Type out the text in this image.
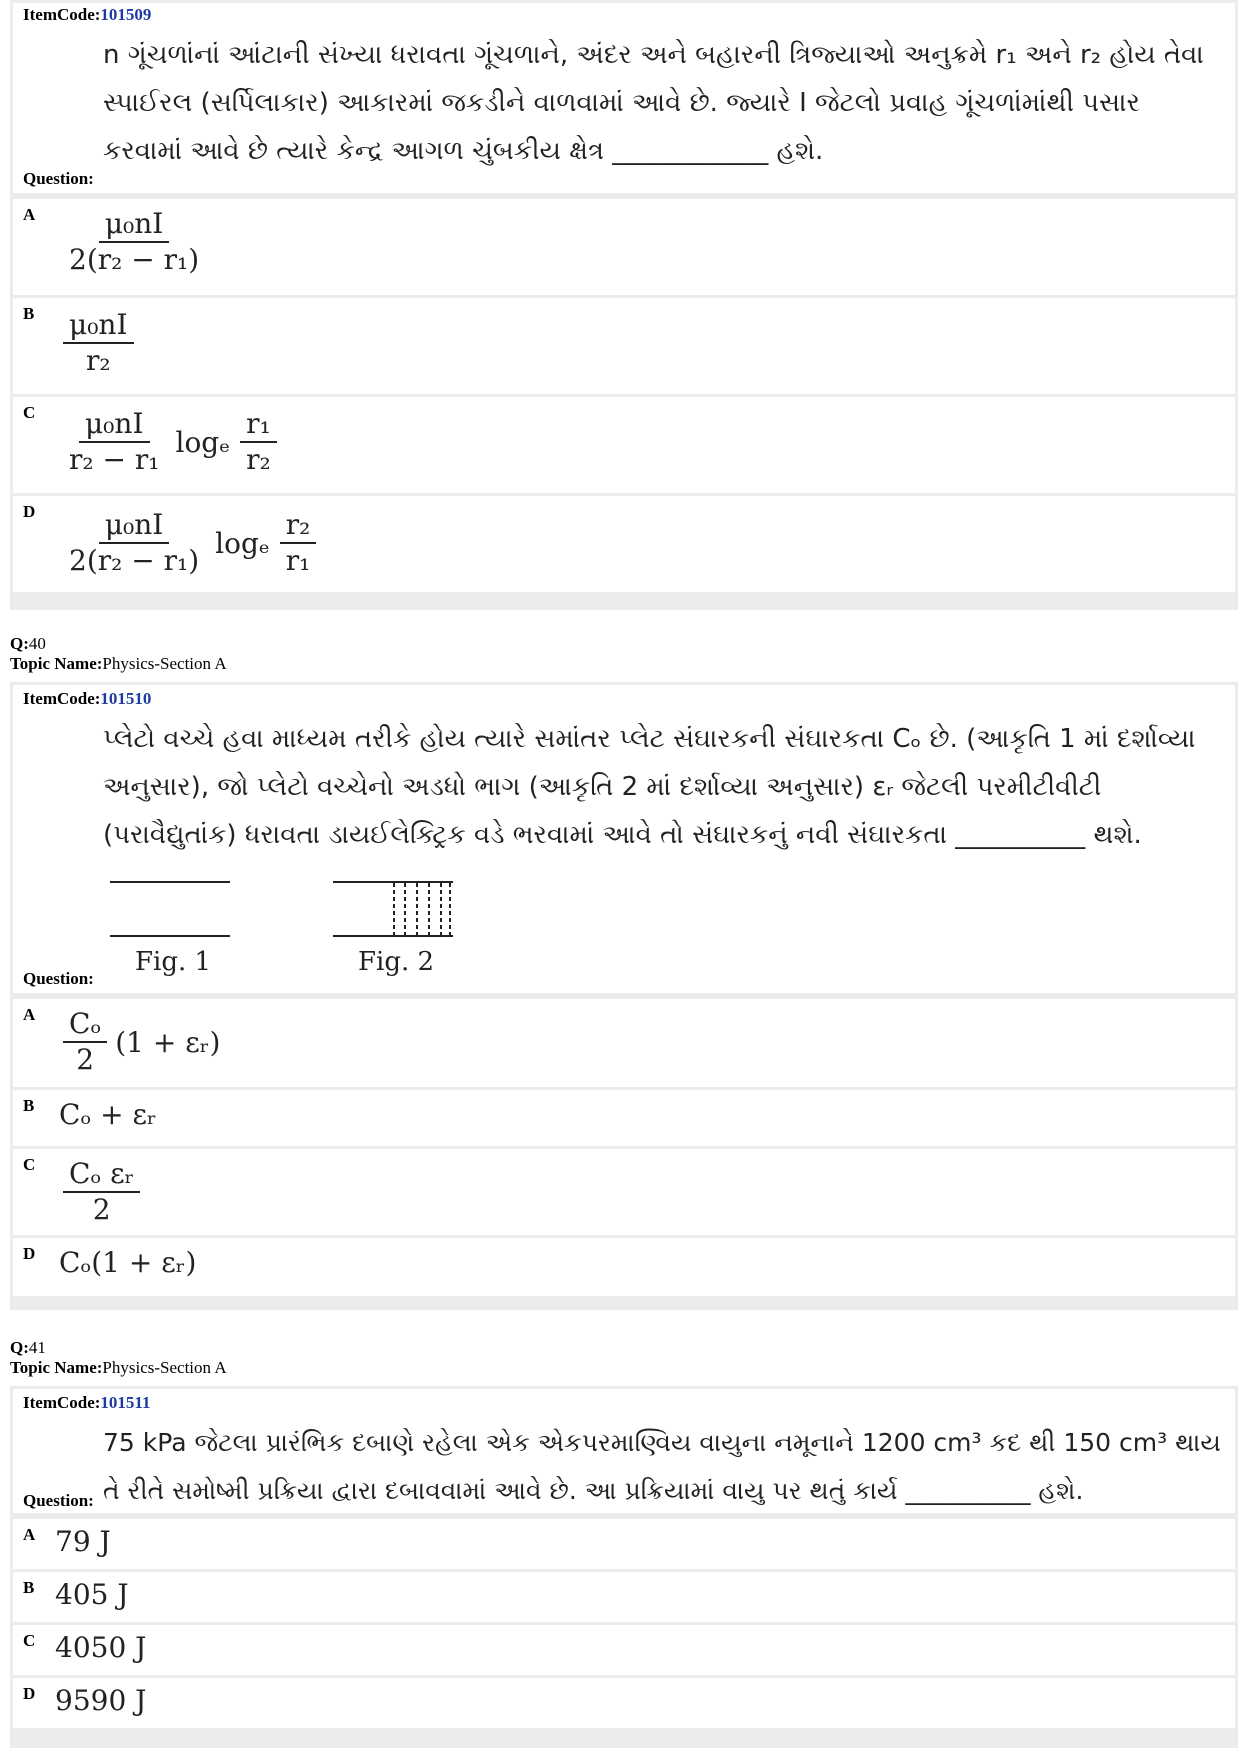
ItemCode:101509
n ગૂંચળાંનાં આંટાની સંખ્યા ધરાવતા ગૂંચળાને, અંદર અને બહારની ત્રિજ્યાઓ અનુક્રમે r₁ અને r₂ હોય તેવા સ્પાઈરલ (સર્પિલાકાર) આકારમાં જકડીને વાળવામાં આવે છે. જ્યારે I જેટલો પ્રવાહ ગૂંચળાંમાંથી પસાર કરવામાં આવે છે ત્યારે કેન્દ્ર આગળ ચુંબકીય ક્ષેત્ર ____________ હશે.
Question:
A $\frac{\text{μ₀nI}}{\text{2(r₂ − r₁)}}$
B $\frac{\text{μ₀nI}}{\text{r₂}}$
C $\frac{\text{μ₀nI}}{\text{r₂ − r₁}}$ logₑ $\frac{\text{r₁}}{\text{r₂}}$
D $\frac{\text{μ₀nI}}{\text{2(r₂ − r₁)}}$ logₑ $\frac{\text{r₂}}{\text{r₁}}$
Q:40
Topic Name:Physics-Section A
ItemCode:101510
પ્લેટો વચ્ચે હવા માધ્યમ તરીકે હોય ત્યારે સમાંતર પ્લેટ સંઘારકની સંઘારકતા Cₒ છે. (આકૃતિ 1 માં દર્શાવ્યા અનુસાર), જો પ્લેટો વચ્ચેનો અડધો ભાગ (આકૃતિ 2 માં દર્શાવ્યા અનુસાર) εᵣ જેટલી પરમીટીવીટી (પરાવૈદ્યુતાંક) ધરાવતા ડાયઈલેક્ટ્રિક વડે ભરવામાં આવે તો સંઘારકનું નવી સંઘારકતા __________ થશે.
Fig. 1	Fig. 2
Question:
A $\frac{\text{Cₒ}}{2} (1$ + εᵣ)
B Cₒ + εᵣ
C $\frac{\text{Cₒ εᵣ}}{2}$
D Cₒ(1 + εᵣ)
Q:41
Topic Name:Physics-Section A
ItemCode:101511
75 kPa જેટલા પ્રારંભિક દબાણે રહેલા એક એકપરમાણ્વિય વાયુના નમૂનાને 1200 cm³ કદ થી 150 cm³ થાય તે રીતે સમોષ્મી પ્રક્રિયા દ્વારા દબાવવામાં આવે છે. આ પ્રક્રિયામાં વાયુ પર થતું કાર્ય __________ હશે.
Question:
A 79 J
B 405 J
C 4050 J
D 9590 J
